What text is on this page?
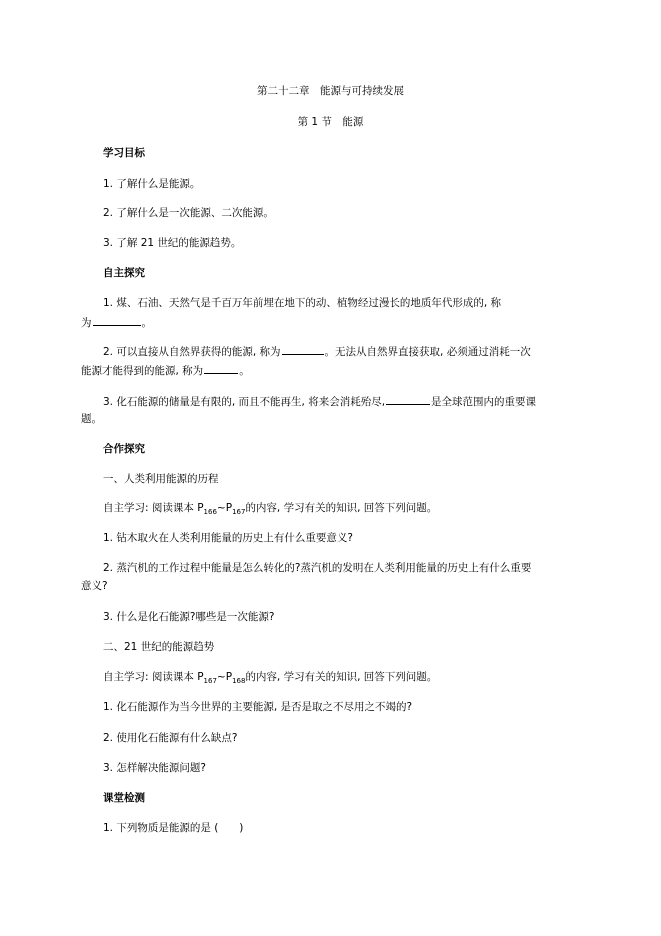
第二十二章　能源与可持续发展
第 1 节　能源
学习目标
1. 了解什么是能源。
2. 了解什么是一次能源、二次能源。
3. 了解 21 世纪的能源趋势。
自主探究
1. 煤、石油、天然气是千百万年前埋在地下的动、植物经过漫长的地质年代形成的, 称
为	。
2. 可以直接从自然界获得的能源, 称为	。无法从自然界直接获取, 必须通过消耗一次
能源才能得到的能源, 称为	。
3. 化石能源的储量是有限的, 而且不能再生, 将来会消耗殆尽,	是全球范围内的重要课
题。
合作探究
一、人类利用能源的历程
自主学习: 阅读课本 $P_{166}\sim P_{167}$的内容, 学习有关的知识, 回答下列问题。
1. 钻木取火在人类利用能量的历史上有什么重要意义?
2. 蒸汽机的工作过程中能量是怎么转化的?蒸汽机的发明在人类利用能量的历史上有什么重要
意义?
3. 什么是化石能源?哪些是一次能源?
二、21 世纪的能源趋势
自主学习: 阅读课本 $P_{167}\sim P_{168}$的内容, 学习有关的知识, 回答下列问题。
1. 化石能源作为当今世界的主要能源, 是否是取之不尽用之不竭的?
2. 使用化石能源有什么缺点?
3. 怎样解决能源问题?
课堂检测
1. 下列物质是能源的是 (　　)
